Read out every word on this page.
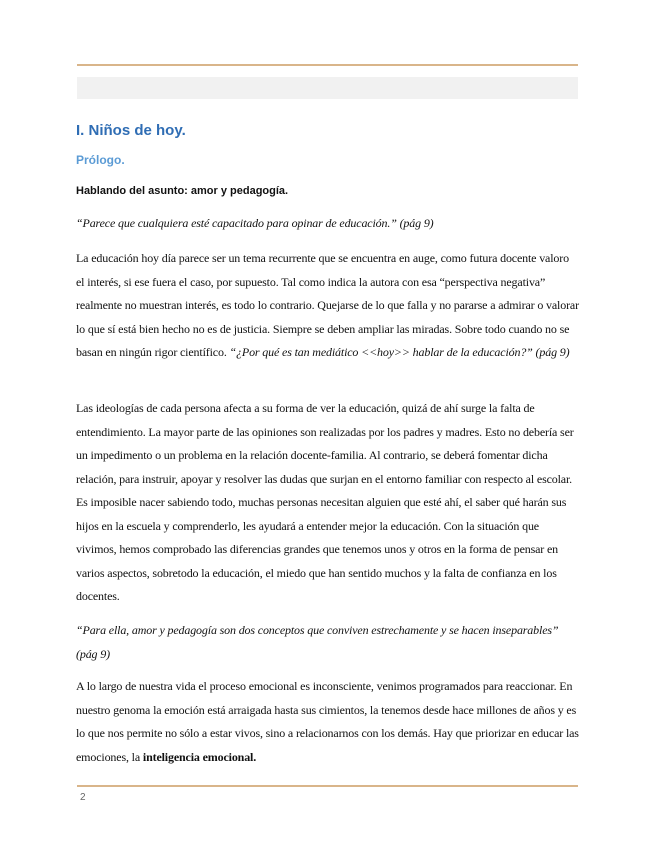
I. Niños de hoy.
Prólogo.
Hablando del asunto: amor y pedagogía.
“Parece que cualquiera esté capacitado para opinar de educación.” (pág 9)
La educación hoy día parece ser un tema recurrente que se encuentra en auge, como futura docente valoro el interés, si ese fuera el caso, por supuesto. Tal como indica la autora con esa “perspectiva negativa” realmente no muestran interés, es todo lo contrario. Quejarse de lo que falla y no pararse a admirar o valorar lo que sí está bien hecho no es de justicia. Siempre se deben ampliar las miradas. Sobre todo cuando no se basan en ningún rigor científico. “¿Por qué es tan mediático <<hoy>> hablar de la educación?” (pág 9)
Las ideologías de cada persona afecta a su forma de ver la educación, quizá de ahí surge la falta de entendimiento. La mayor parte de las opiniones son realizadas por los padres y madres. Esto no debería ser un impedimento o un problema en la relación docente-familia. Al contrario, se deberá fomentar dicha relación, para instruir, apoyar y resolver las dudas que surjan en el entorno familiar con respecto al escolar. Es imposible nacer sabiendo todo, muchas personas necesitan alguien que esté ahí, el saber qué harán sus hijos en la escuela y comprenderlo, les ayudará a entender mejor la educación. Con la situación que vivimos, hemos comprobado las diferencias grandes que tenemos unos y otros en la forma de pensar en varios aspectos, sobretodo la educación, el miedo que han sentido muchos y la falta de confianza en los docentes.
“Para ella, amor y pedagogía son dos conceptos que conviven estrechamente y se hacen inseparables” (pág 9)
A lo largo de nuestra vida el proceso emocional es inconsciente, venimos programados para reaccionar. En nuestro genoma la emoción está arraigada hasta sus cimientos, la tenemos desde hace millones de años y es lo que nos permite no sólo a estar vivos, sino a relacionarnos con los demás. Hay que priorizar en educar las emociones, la inteligencia emocional.
2
